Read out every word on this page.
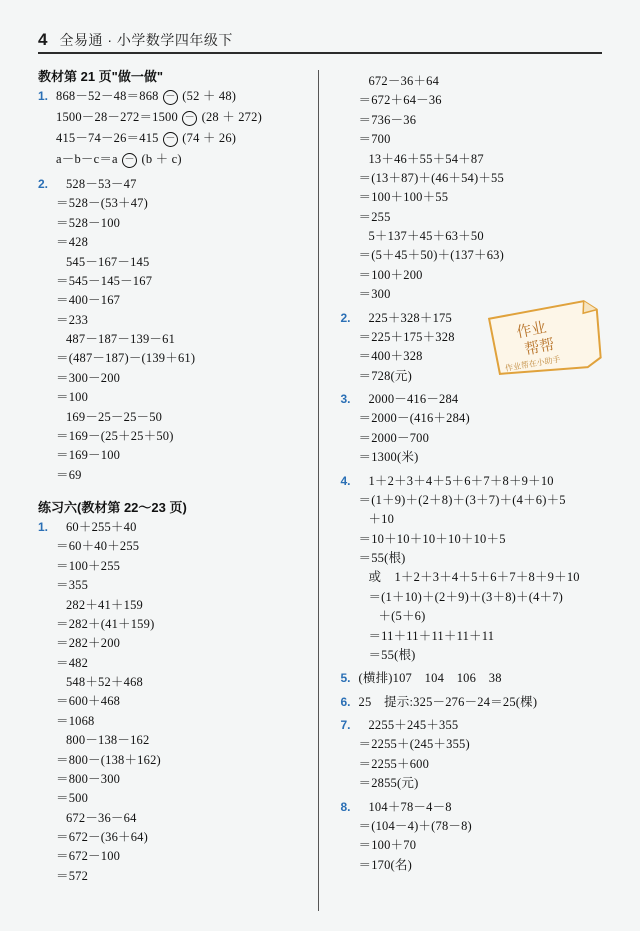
4 全易通 · 小学数学四年级下
教材第 21 页"做一做"
1. 868－52－48＝868 － (52 ＋ 48)
1500－28－272＝1500 － (28 ＋ 272)
415－74－26＝415 － (74 ＋ 26)
a－b－c＝a － (b ＋ c)
2. 528－53－47
＝528－(53＋47)
＝528－100
＝428
545－167－145
＝545－145－167
＝400－167
＝233
487－187－139－61
＝(487－187)－(139＋61)
＝300－200
＝100
169－25－25－50
＝169－(25＋25＋50)
＝169－100
＝69
练习六(教材第 22～23 页)
1. 60＋255＋40
＝60＋40＋255
＝100＋255
＝355
282＋41＋159
＝282＋(41＋159)
＝282＋200
＝482
548＋52＋468
＝600＋468
＝1068
800－138－162
＝800－(138＋162)
＝800－300
＝500
672－36－64
＝672－(36＋64)
＝672－100
＝572
672－36＋64
＝672＋64－36
＝736－36
＝700
13＋46＋55＋54＋87
＝(13＋87)＋(46＋54)＋55
＝100＋100＋55
＝255
5＋137＋45＋63＋50
＝(5＋45＋50)＋(137＋63)
＝100＋200
＝300
2. 225＋328＋175
＝225＋175＋328
＝400＋328
＝728(元)
3. 2000－416－284
＝2000－(416＋284)
＝2000－700
＝1300(米)
4. 1＋2＋3＋4＋5＋6＋7＋8＋9＋10
＝(1＋9)＋(2＋8)＋(3＋7)＋(4＋6)＋5
＋10
＝10＋10＋10＋10＋10＋5
＝55(根)
或    1＋2＋3＋4＋5＋6＋7＋8＋9＋10
＝(1＋10)＋(2＋9)＋(3＋8)＋(4＋7)
＋(5＋6)
＝11＋11＋11＋11＋11
＝55(根)
5. (横排)107　104　106　38
6. 25　提示:325－276－24＝25(棵)
7. 2255＋245＋355
＝2255＋(245＋355)
＝2255＋600
＝2855(元)
8. 104＋78－4－8
＝(104－4)＋(78－8)
＝100＋70
＝170(名)
作业
帮帮
作业帮在小助手
